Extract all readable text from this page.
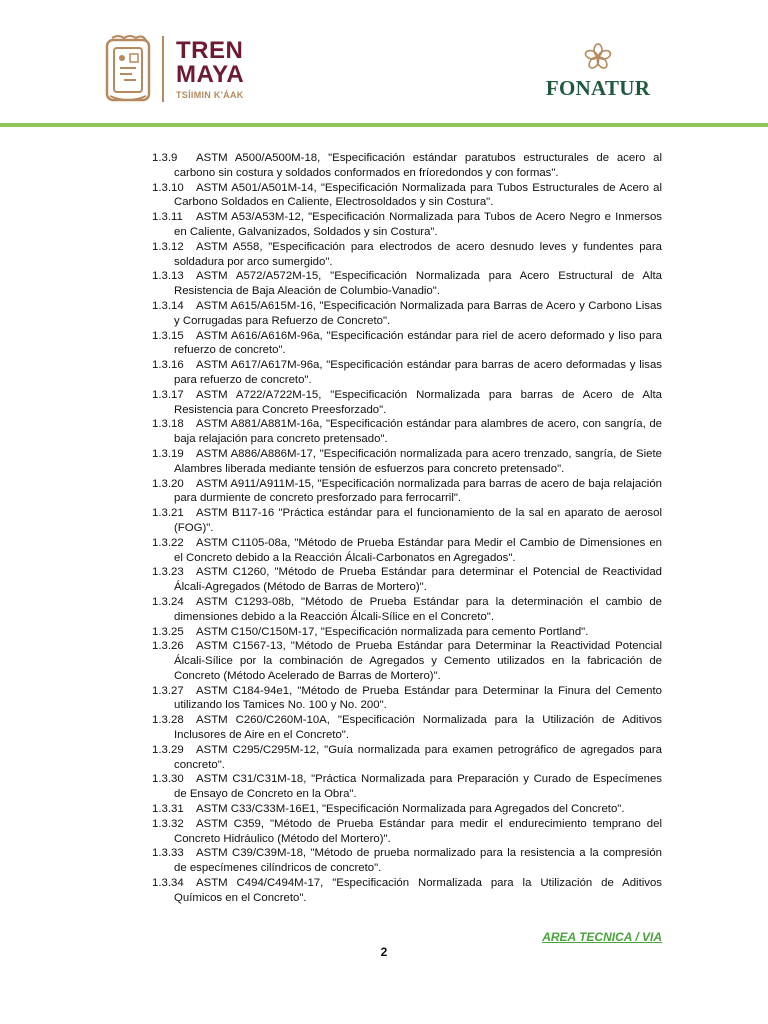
TREN
MAYA
TSÍIMIN K'ÁAK	FONATUR
1.3.9 ASTM A500/A500M-18, "Especificación estándar paratubos estructurales de acero al carbono sin costura y soldados conformados en fríoredondos y con formas".
1.3.10 ASTM A501/A501M-14, "Especificación Normalizada para Tubos Estructurales de Acero al Carbono Soldados en Caliente, Electrosoldados y sin Costura".
1.3.11 ASTM A53/A53M-12, "Especificación Normalizada para Tubos de Acero Negro e Inmersos en Caliente, Galvanizados, Soldados y sin Costura".
1.3.12 ASTM A558, "Especificación para electrodos de acero desnudo leves y fundentes para soldadura por arco sumergido".
1.3.13 ASTM A572/A572M-15, "Especificación Normalizada para Acero Estructural de Alta Resistencia de Baja Aleación de Columbio-Vanadio".
1.3.14 ASTM A615/A615M-16, "Especificación Normalizada para Barras de Acero y Carbono Lisas y Corrugadas para Refuerzo de Concreto".
1.3.15 ASTM A616/A616M-96a, "Especificación estándar para riel de acero deformado y liso para refuerzo de concreto".
1.3.16 ASTM A617/A617M-96a, "Especificación estándar para barras de acero deformadas y lisas para refuerzo de concreto".
1.3.17 ASTM A722/A722M-15, "Especificación Normalizada para barras de Acero de Alta Resistencia para Concreto Preesforzado".
1.3.18 ASTM A881/A881M-16a, "Especificación estándar para alambres de acero, con sangría, de baja relajación para concreto pretensado".
1.3.19 ASTM A886/A886M-17, "Especificación normalizada para acero trenzado, sangría, de Siete Alambres liberada mediante tensión de esfuerzos para concreto pretensado".
1.3.20 ASTM A911/A911M-15, "Especificación normalizada para barras de acero de baja relajación para durmiente de concreto presforzado para ferrocarril".
1.3.21 ASTM B117-16 "Práctica estándar para el funcionamiento de la sal en aparato de aerosol (FOG)".
1.3.22 ASTM C1105-08a, "Método de Prueba Estándar para Medir el Cambio de Dimensiones en el Concreto debido a la Reacción Álcali-Carbonatos en Agregados".
1.3.23 ASTM C1260, "Método de Prueba Estándar para determinar el Potencial de Reactividad Álcali-Agregados (Método de Barras de Mortero)".
1.3.24 ASTM C1293-08b, "Método de Prueba Estándar para la determinación el cambio de dimensiones debido a la Reacción Álcali-Sílice en el Concreto".
1.3.25 ASTM C150/C150M-17, "Especificación normalizada para cemento Portland".
1.3.26 ASTM C1567-13, "Método de Prueba Estándar para Determinar la Reactividad Potencial Álcali-Sílice por la combinación de Agregados y Cemento utilizados en la fabricación de Concreto (Método Acelerado de Barras de Mortero)".
1.3.27 ASTM C184-94e1, "Método de Prueba Estándar para Determinar la Finura del Cemento utilizando los Tamices No. 100 y No. 200".
1.3.28 ASTM C260/C260M-10A, "Especificación Normalizada para la Utilización de Aditivos Inclusores de Aire en el Concreto".
1.3.29 ASTM C295/C295M-12, "Guía normalizada para examen petrográfico de agregados para concreto".
1.3.30 ASTM C31/C31M-18, "Práctica Normalizada para Preparación y Curado de Especímenes de Ensayo de Concreto en la Obra".
1.3.31 ASTM C33/C33M-16E1, "Especificación Normalizada para Agregados del Concreto".
1.3.32 ASTM C359, "Método de Prueba Estándar para medir el endurecimiento temprano del Concreto Hidráulico (Método del Mortero)".
1.3.33 ASTM C39/C39M-18, "Método de prueba normalizado para la resistencia a la compresión de especímenes cilíndricos de concreto".
1.3.34 ASTM C494/C494M-17, "Especificación Normalizada para la Utilización de Aditivos Químicos en el Concreto".
AREA TECNICA / VIA
2
